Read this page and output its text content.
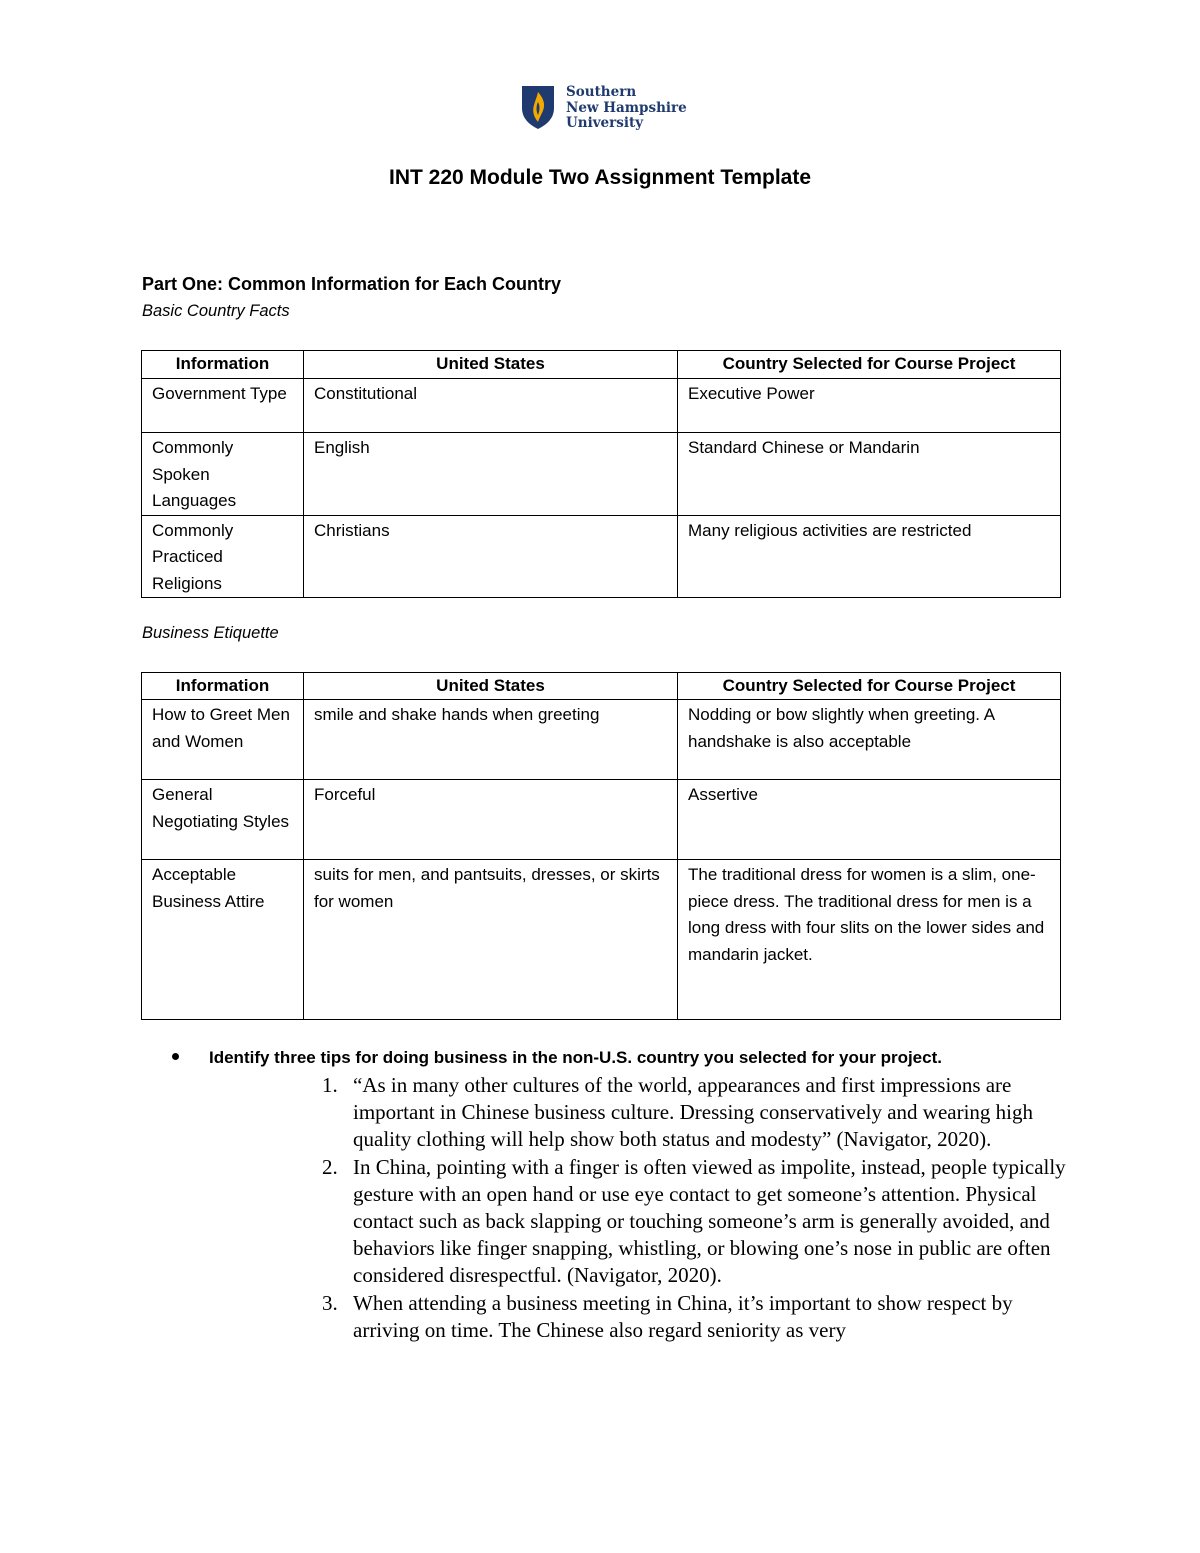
Southern
New Hampshire
University
INT 220 Module Two Assignment Template
Part One: Common Information for Each Country
Basic Country Facts
Information	United States	Country Selected for Course Project
Government Type	Constitutional	Executive Power
Commonly Spoken Languages	English	Standard Chinese or Mandarin
Commonly Practiced Religions	Christians	Many religious activities are restricted
Business Etiquette
Information	United States	Country Selected for Course Project
How to Greet Men and Women	smile and shake hands when greeting	Nodding or bow slightly when greeting. A handshake is also acceptable
General Negotiating Styles	Forceful	Assertive
Acceptable Business Attire	suits for men, and pantsuits, dresses, or skirts for women	The traditional dress for women is a slim, one-piece dress. The traditional dress for men is a long dress with four slits on the lower sides and mandarin jacket.
Identify three tips for doing business in the non-U.S. country you selected for your project.
1. “As in many other cultures of the world, appearances and first impressions are important in Chinese business culture. Dressing conservatively and wearing high quality clothing will help show both status and modesty” (Navigator, 2020).
2. In China, pointing with a finger is often viewed as impolite, instead, people typically gesture with an open hand or use eye contact to get someone’s attention. Physical contact such as back slapping or touching someone’s arm is generally avoided, and behaviors like finger snapping, whistling, or blowing one’s nose in public are often considered disrespectful. (Navigator, 2020).
3. When attending a business meeting in China, it’s important to show respect by arriving on time. The Chinese also regard seniority as very
